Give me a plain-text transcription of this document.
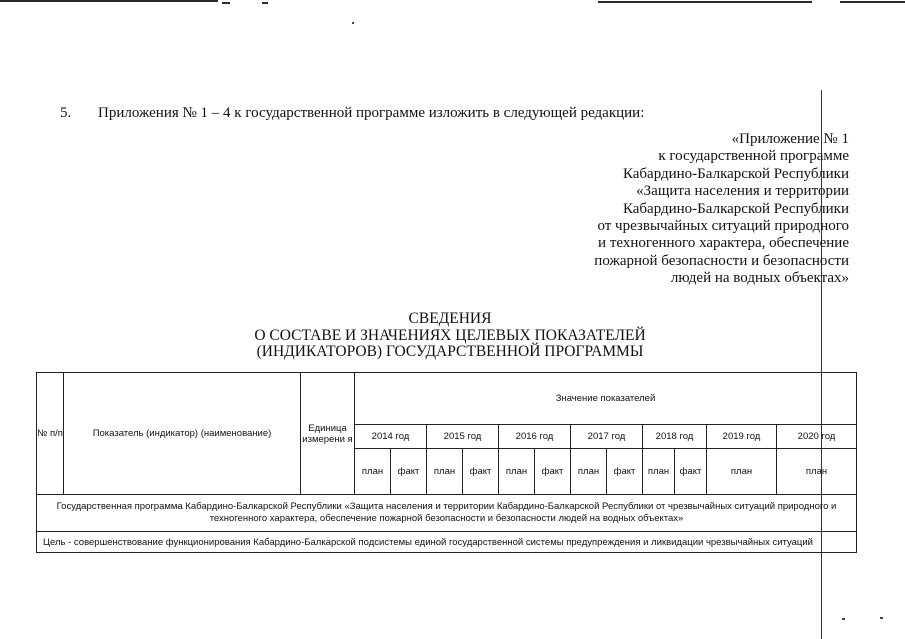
5. Приложения № 1 – 4 к государственной программе изложить в следующей редакции:
«Приложение № 1
к государственной программе
Кабардино-Балкарской Республики
«Защита населения и территории
Кабардино-Балкарской Республики
от чрезвычайных ситуаций природного
и техногенного характера, обеспечение
пожарной безопасности и безопасности
людей на водных объектах»
СВЕДЕНИЯ
О СОСТАВЕ И ЗНАЧЕНИЯХ ЦЕЛЕВЫХ ПОКАЗАТЕЛЕЙ
(ИНДИКАТОРОВ) ГОСУДАРСТВЕННОЙ ПРОГРАММЫ
№ п/п	Показатель (индикатор) (наименование)	Единица измерени я	Значение показателей											
			2014 год		2015 год		2016 год		2017 год		2018 год		2019 год	2020 год
			план	факт	план	факт	план	факт	план	факт	план	факт	план	план
Государственная программа Кабардино-Балкарской Республики «Защита населения и территории Кабардино-Балкарской Республики от чрезвычайных ситуаций природного и техногенного характера, обеспечение пожарной безопасности и безопасности людей на водных объектах»														
Цель - совершенствование функционирования Кабардино-Балкарской подсистемы единой государственной системы предупреждения и ликвидации чрезвычайных ситуаций														
